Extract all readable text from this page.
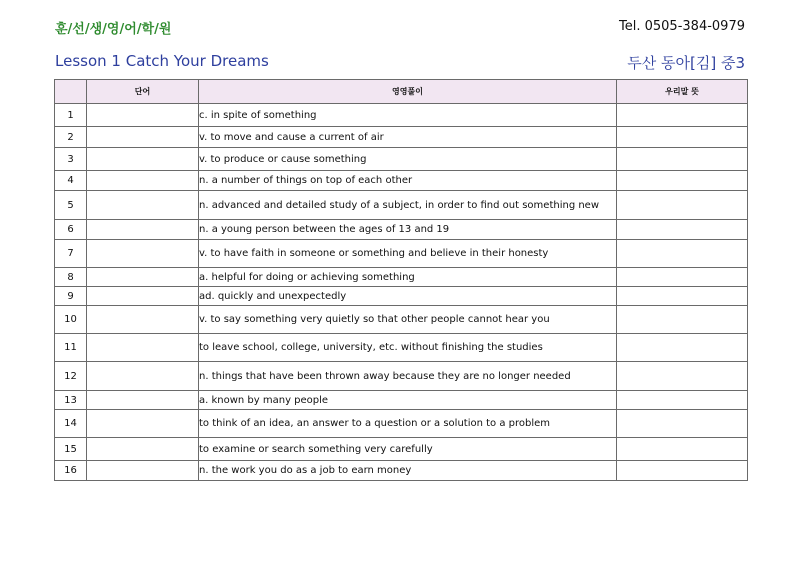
훈/선/생/영/어/학/원	Tel. 0505-384-0979
Lesson 1 Catch Your Dreams	두산 동아[김] 중3
	단어	영영풀이	우리말 뜻
1		c. in spite of something	
2		v. to move and cause a current of air	
3		v. to produce or cause something	
4		n. a number of things on top of each other	
5		n. advanced and detailed study of a subject, in order to find out something new	
6		n. a young person between the ages of 13 and 19	
7		v. to have faith in someone or something and believe in their honesty	
8		a. helpful for doing or achieving something	
9		ad. quickly and unexpectedly	
10		v. to say something very quietly so that other people cannot hear you	
11		to leave school, college, university, etc. without finishing the studies	
12		n. things that have been thrown away because they are no longer needed	
13		a. known by many people	
14		to think of an idea, an answer to a question or a solution to a problem	
15		to examine or search something very carefully	
16		n. the work you do as a job to earn money	
